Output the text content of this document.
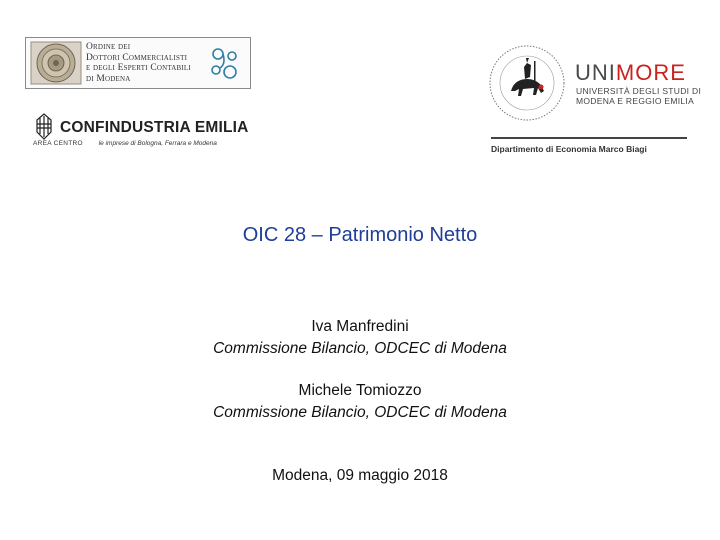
Ordine dei
Dottori Commercialisti
e degli Esperti Contabili
di Modena
CONFINDUSTRIA EMILIA
AREA CENTRO le imprese di Bologna, Ferrara e Modena
UNIMORE
UNIVERSITÀ DEGLI STUDI DI
MODENA E REGGIO EMILIA
Dipartimento di Economia Marco Biagi
OIC 28 – Patrimonio Netto
Iva Manfredini
Commissione Bilancio, ODCEC di Modena
Michele Tomiozzo
Commissione Bilancio, ODCEC di Modena
Modena, 09 maggio 2018
